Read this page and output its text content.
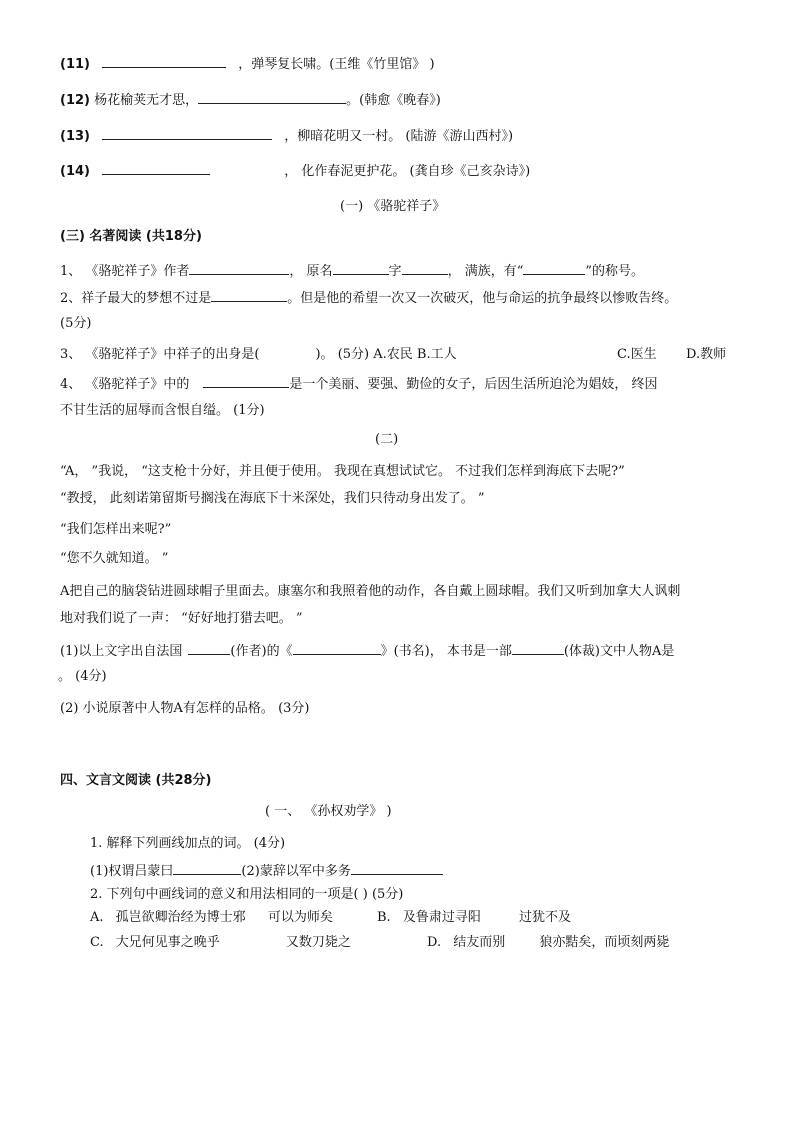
(11)	，弹琴复长啸。(王维《竹里馆》 )
(12) 杨花榆荚无才思，	。(韩愈《晚春》)
(13)	，柳暗花明又一村。 (陆游《游山西村》)
(14)	， 化作春泥更护花。 (龚自珍《己亥杂诗》)
(一) 《骆驼祥子》
(三) 名著阅读 (共18分)
1、 《骆驼祥子》作者	， 原名	字	， 满族，有“	”的称号。
2、祥子最大的梦想不过是	。但是他的希望一次又一次破灭，他与命运的抗争最终以惨败告终。
(5分)
3、 《骆驼祥子》中祥子的出身是(	)。 (5分) A.农民 B.工人	C.医生 D.教师
4、 《骆驼祥子》中的	是一个美丽、要强、勤俭的女子，后因生活所迫沦为娼妓， 终因
不甘生活的屈辱而含恨自缢。 (1分)
(二)
“A， ”我说， “这支枪十分好，并且便于使用。 我现在真想试试它。 不过我们怎样到海底下去呢?”
“教授， 此刻诺第留斯号搁浅在海底下十米深处，我们只待动身出发了。 ”
“我们怎样出来呢?”
“您不久就知道。 ”
A把自己的脑袋钻进圆球帽子里面去。康塞尔和我照着他的动作，各自戴上圆球帽。我们又听到加拿大人讽刺
地对我们说了一声： “好好地打猎去吧。 ”
(1)以上文字出自法国	(作者)的《	》(书名)， 本书是一部	(体裁)文中人物A是
。 (4分)
(2) 小说原著中人物A有怎样的品格。 (3分)
四、文言文阅读 (共28分)
( 一、 《孙权劝学》 )
1. 解释下列画线加点的词。 (4分)
(1)权谓吕蒙曰	(2)蒙辞以军中多务
2. 下列句中画线词的意义和用法相同的一项是( ) (5分)
A. 孤岂欲卿治经为博士邪 可以为师矣	B. 及鲁肃过寻阳	过犹不及
C. 大兄何见事之晚乎	又数刀毙之	D. 结友而别	狼亦黠矣，而顷刻两毙
